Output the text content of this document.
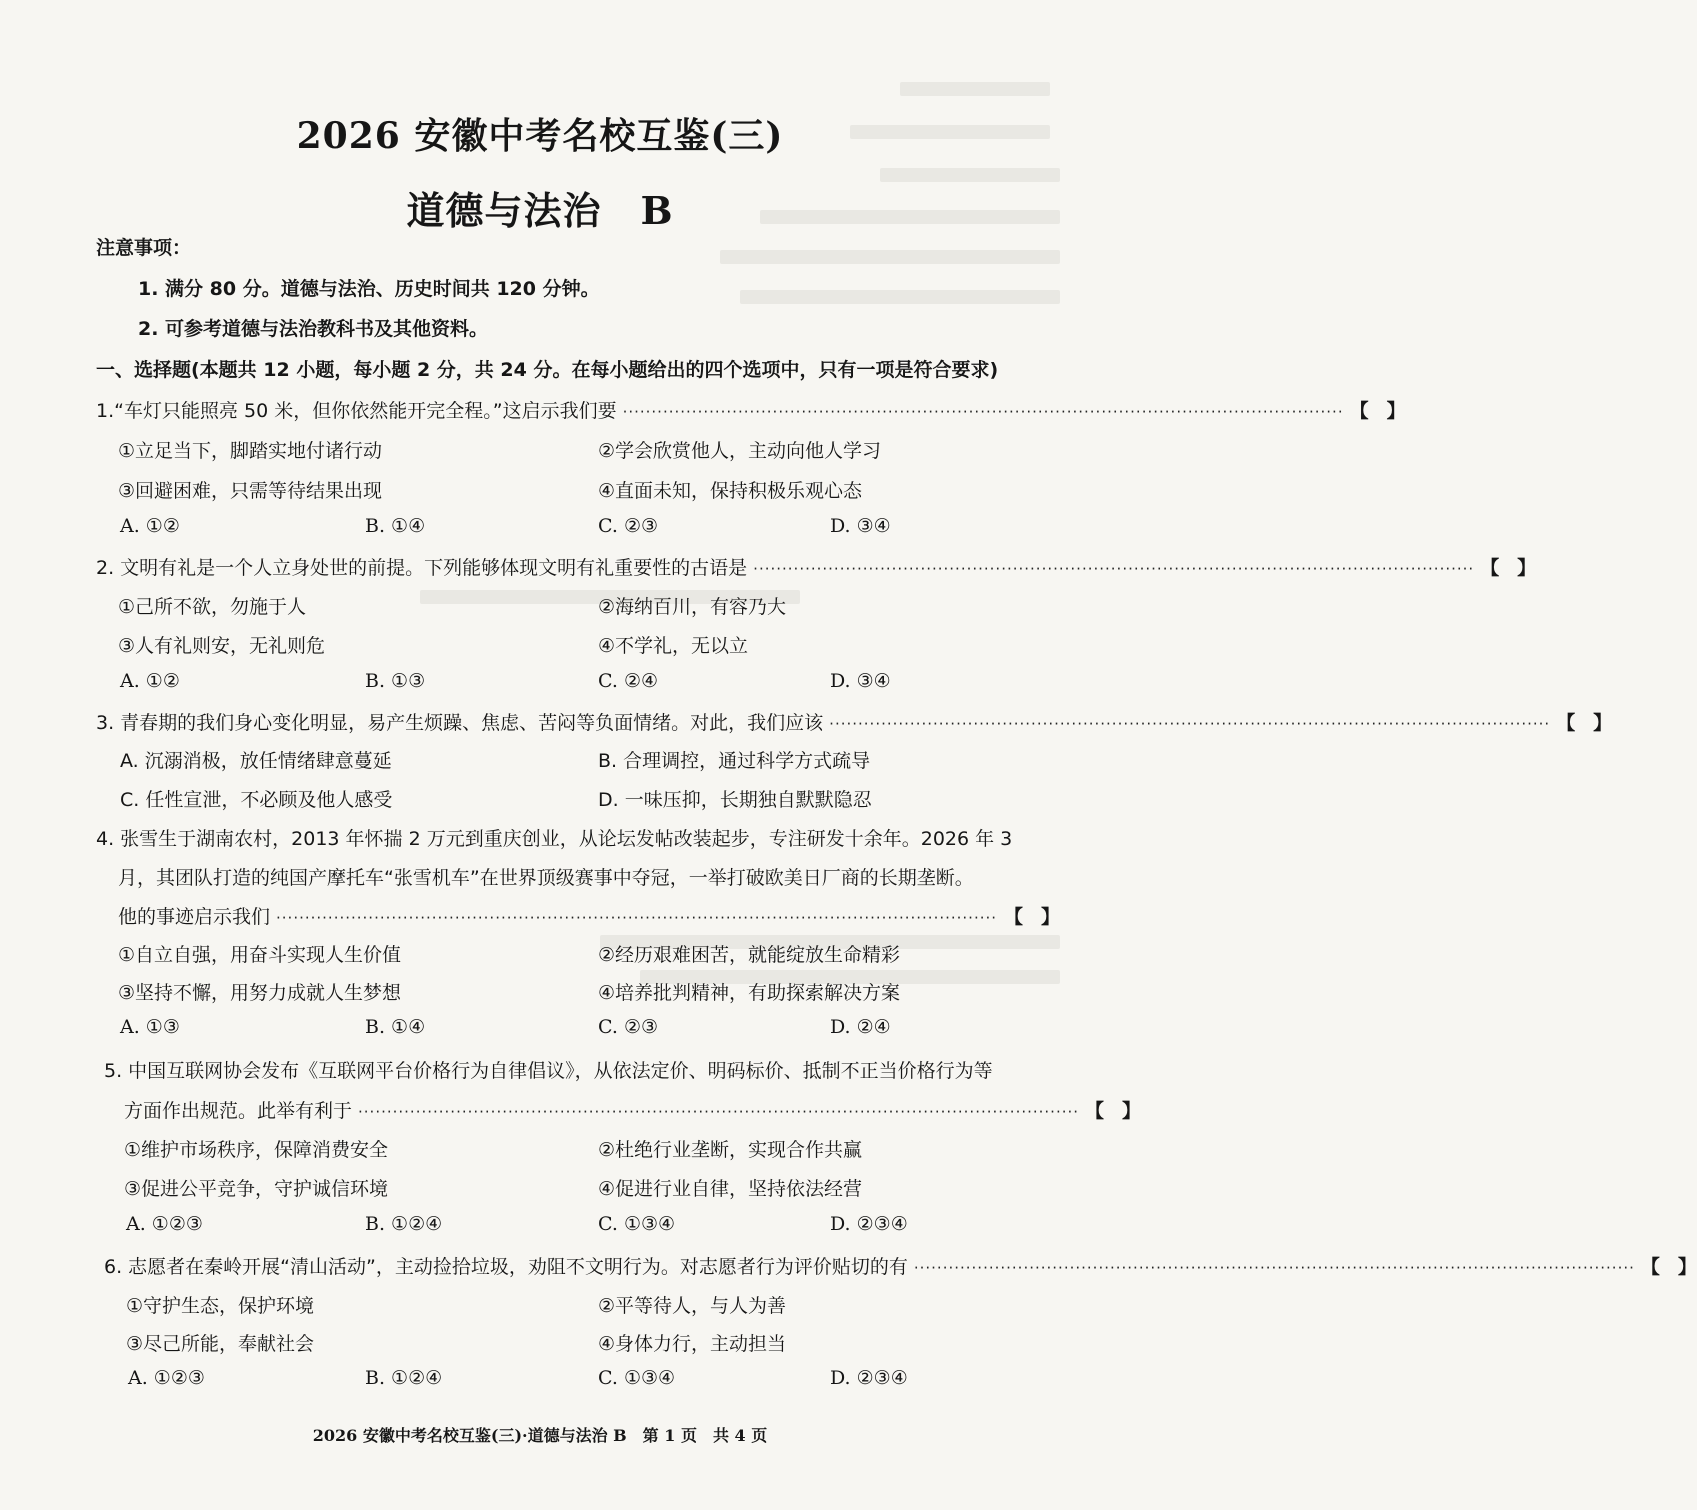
2026 安徽中考名校互鉴(三)
道德与法治　B
注意事项：
1. 满分 80 分。道德与法治、历史时间共 120 分钟。
2. 可参考道德与法治教科书及其他资料。
一、选择题(本题共 12 小题，每小题 2 分，共 24 分。在每小题给出的四个选项中，只有一项是符合要求)
1.“车灯只能照亮 50 米，但你依然能开完全程。”这启示我们要 ····························································································································· 【 】
①立足当下，脚踏实地付诸行动	②学会欣赏他人，主动向他人学习
③回避困难，只需等待结果出现	④直面未知，保持积极乐观心态
A. ①②	B. ①④	C. ②③	D. ③④
2. 文明有礼是一个人立身处世的前提。下列能够体现文明有礼重要性的古语是 ····························································································································· 【 】
①己所不欲，勿施于人	②海纳百川，有容乃大
③人有礼则安，无礼则危	④不学礼，无以立
A. ①②	B. ①③	C. ②④	D. ③④
3. 青春期的我们身心变化明显，易产生烦躁、焦虑、苦闷等负面情绪。对此，我们应该 ····························································································································· 【 】
A. 沉溺消极，放任情绪肆意蔓延	B. 合理调控，通过科学方式疏导
C. 任性宣泄，不必顾及他人感受	D. 一味压抑，长期独自默默隐忍
4. 张雪生于湖南农村，2013 年怀揣 2 万元到重庆创业，从论坛发帖改装起步，专注研发十余年。2026 年 3
月，其团队打造的纯国产摩托车“张雪机车”在世界顶级赛事中夺冠，一举打破欧美日厂商的长期垄断。
他的事迹启示我们 ····························································································································· 【 】
①自立自强，用奋斗实现人生价值	②经历艰难困苦，就能绽放生命精彩
③坚持不懈，用努力成就人生梦想	④培养批判精神，有助探索解决方案
A. ①③	B. ①④	C. ②③	D. ②④
5. 中国互联网协会发布《互联网平台价格行为自律倡议》，从依法定价、明码标价、抵制不正当价格行为等
方面作出规范。此举有利于 ····························································································································· 【 】
①维护市场秩序，保障消费安全	②杜绝行业垄断，实现合作共赢
③促进公平竞争，守护诚信环境	④促进行业自律，坚持依法经营
A. ①②③	B. ①②④	C. ①③④	D. ②③④
6. 志愿者在秦岭开展“清山活动”，主动捡拾垃圾，劝阻不文明行为。对志愿者行为评价贴切的有 ····························································································································· 【 】
①守护生态，保护环境	②平等待人，与人为善
③尽己所能，奉献社会	④身体力行，主动担当
A. ①②③	B. ①②④	C. ①③④	D. ②③④
2026 安徽中考名校互鉴(三)·道德与法治 B　第 1 页　共 4 页
